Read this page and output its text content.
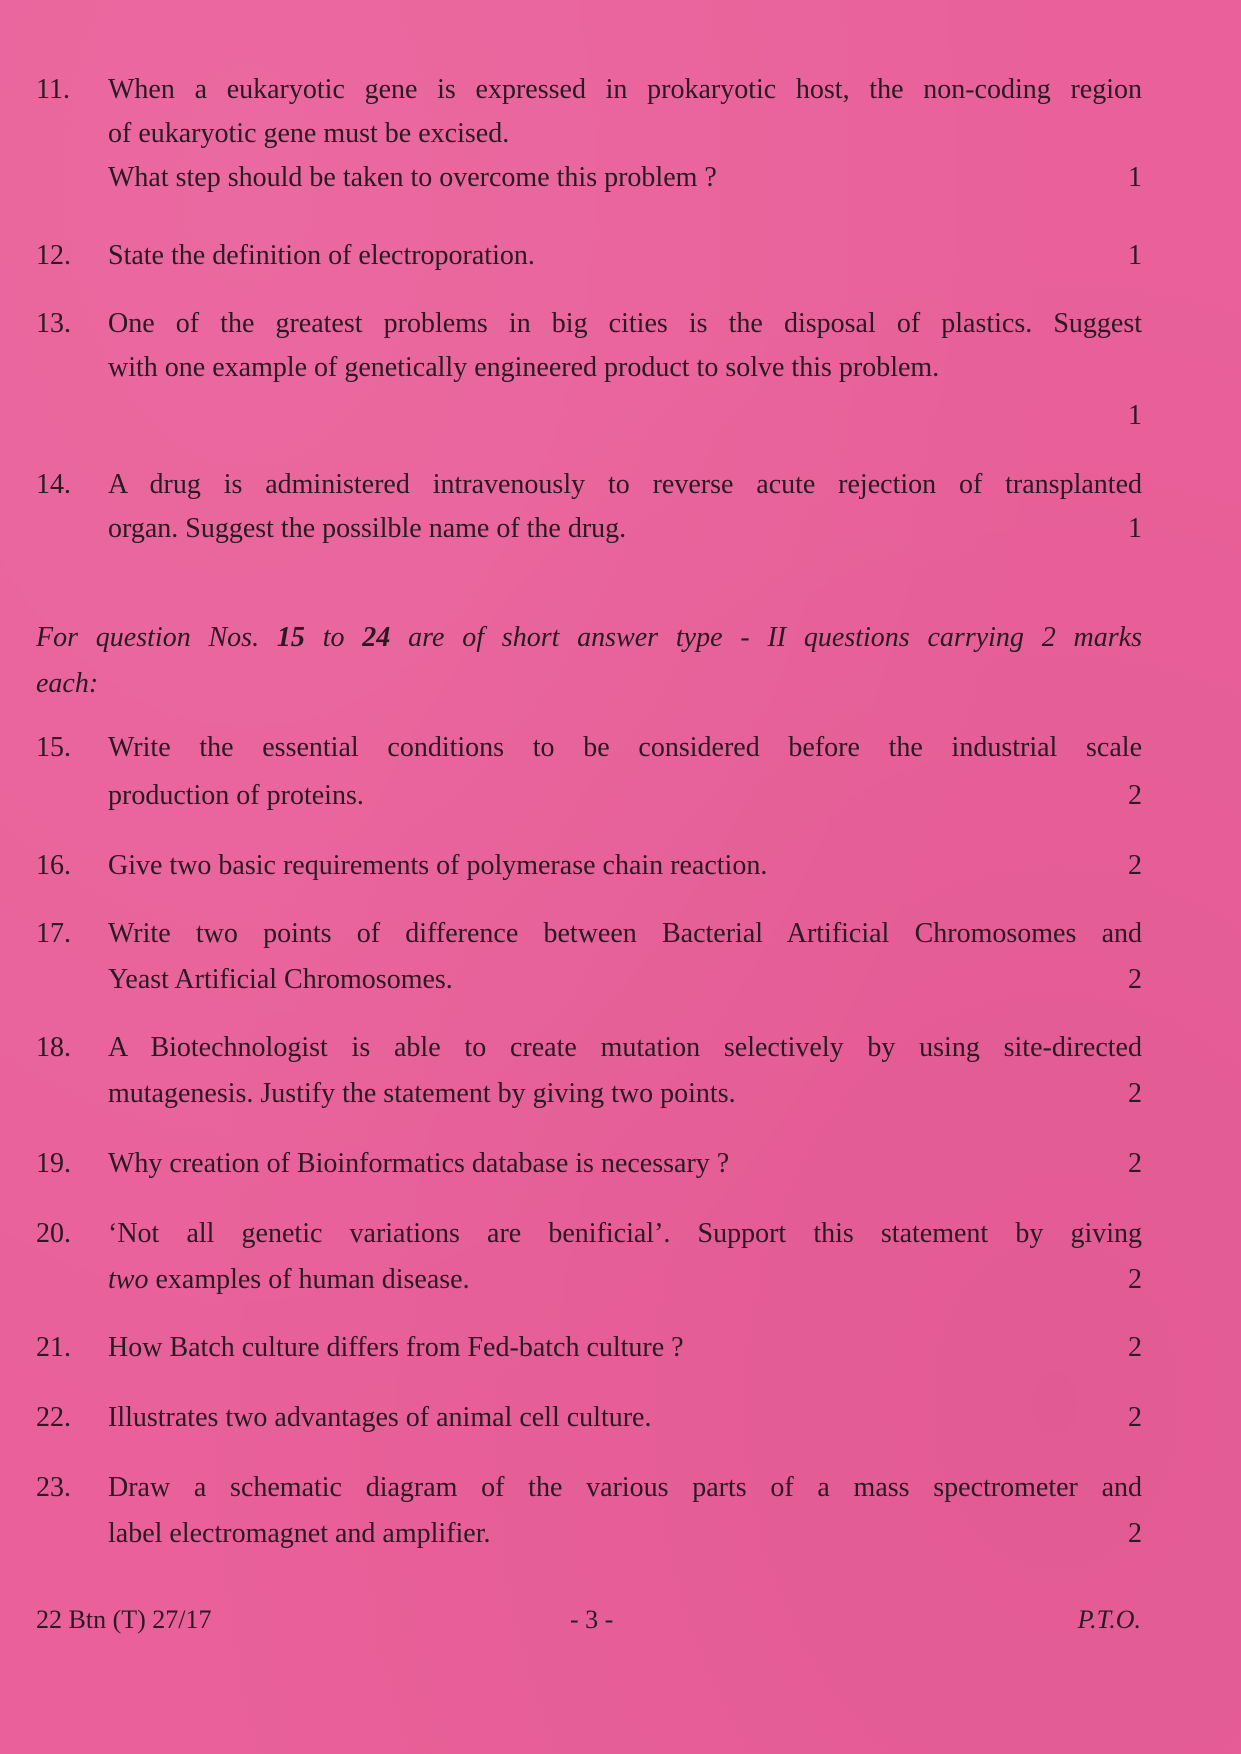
11.	When a eukaryotic gene is expressed in prokaryotic host, the non-coding region
of eukaryotic gene must be excised.
What step should be taken to overcome this problem ?	1
12.	State the definition of electroporation.	1
13.	One of the greatest problems in big cities is the disposal of plastics. Suggest
with one example of genetically engineered product to solve this problem.
1
14.	A drug is administered intravenously to reverse acute rejection of transplanted
organ. Suggest the possilble name of the drug.	1
For question Nos. 15 to 24 are of short answer type - II questions carrying 2 marks
each:
15.	Write the essential conditions to be considered before the industrial scale
production of proteins.	2
16.	Give two basic requirements of polymerase chain reaction.	2
17.	Write two points of difference between Bacterial Artificial Chromosomes and
Yeast Artificial Chromosomes.	2
18.	A Biotechnologist is able to create mutation selectively by using site-directed
mutagenesis. Justify the statement by giving two points.	2
19.	Why creation of Bioinformatics database is necessary ?	2
20.	‘Not all genetic variations are benificial’. Support this statement by giving
two examples of human disease.	2
21.	How Batch culture differs from Fed-batch culture ?	2
22.	Illustrates two advantages of animal cell culture.	2
23.	Draw a schematic diagram of the various parts of a mass spectrometer and
label electromagnet and amplifier.	2
22 Btn (T) 27/17	- 3 -	P.T.O.
